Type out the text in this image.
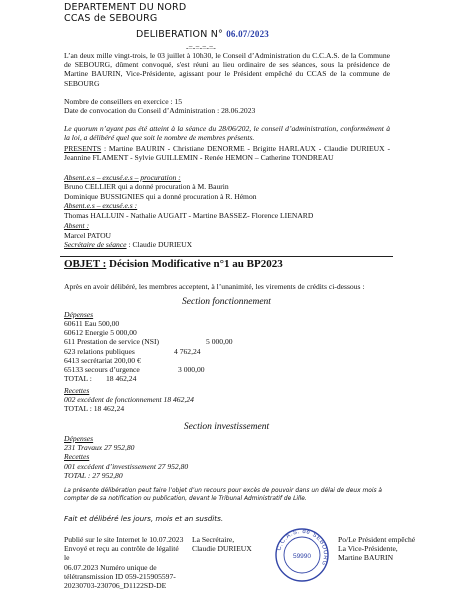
DEPARTEMENT DU NORD
CCAS de SEBOURG
DELIBERATION N° 06.07/2023
-=-=-=-=-
L’an deux mille vingt-trois, le 03 juillet à 10h30, le Conseil d’Administration du C.C.A.S. de la Commune de SEBOURG, dûment convoqué, s'est réuni au lieu ordinaire de ses séances, sous la présidence de Martine BAURIN, Vice-Présidente, agissant pour le Président empêché du CCAS de la commune de SEBOURG
Nombre de conseillers en exercice : 15
Date de convocation du Conseil d’Administration : 28.06.2023
Le quorum n’ayant pas été atteint à la séance du 28/06/202, le conseil d’administration, conformément à la loi, a délibéré quel que soit le nombre de membres présents.
PRESENTS : Martine BAURIN - Christiane DENORME - Brigitte HARLAUX - Claudie DURIEUX - Jeannine FLAMENT - Sylvie GUILLEMIN - Renée HEMON – Catherine TONDREAU
Absent.e.s – excusé.e.s – procuration :
Bruno CELLIER qui a donné procuration à M. Baurin
Dominique BUSSIGNIES qui a donné procuration à R. Hémon
Absent.e.s – excusé.e.s :
Thomas HALLUIN - Nathalie AUGAIT - Martine BASSEZ- Florence LIENARD
Absent :
Marcel PATOU
Secrétaire de séance : Claudie DURIEUX
OBJET : Décision Modificative n°1 au BP2023
Après en avoir délibéré, les membres acceptent, à l’unanimité, les virements de crédits ci-dessous :
Section fonctionnement
Dépenses
60611 Eau 500,00
60612 Energie 5 000,00
611 Prestation de service (NSI)	5 000,00
623 relations publiques	4 762,24
6413 secrétariat 200,00 €
65133 secours d’urgence	3 000,00
TOTAL : 18 462,24
Recettes
002 excédent de fonctionnement 18 462,24
TOTAL : 18 462,24
Section investissement
Dépenses
231 Travaux 27 952,80
Recettes
001 excédent d’investissement 27 952,80
TOTAL : 27 952,80
La présente délibération peut faire l’objet d’un recours pour excès de pouvoir dans un délai de deux mois à compter de sa notification ou publication, devant le Tribunal Administratif de Lille.
Fait et délibéré les jours, mois et an susdits.
Publié sur le site Internet le 10.07.2023
Envoyé et reçu au contrôle de légalité le
06.07.2023 Numéro unique de
télétransmission ID 059-215905597-
20230703-230706_D1122SD-DE
La Secrétaire,
Claudie DURIEUX	C.C.A.S. de SEBOURG
59990
Po/Le Président empêché
La Vice-Présidente,
Martine BAURIN
